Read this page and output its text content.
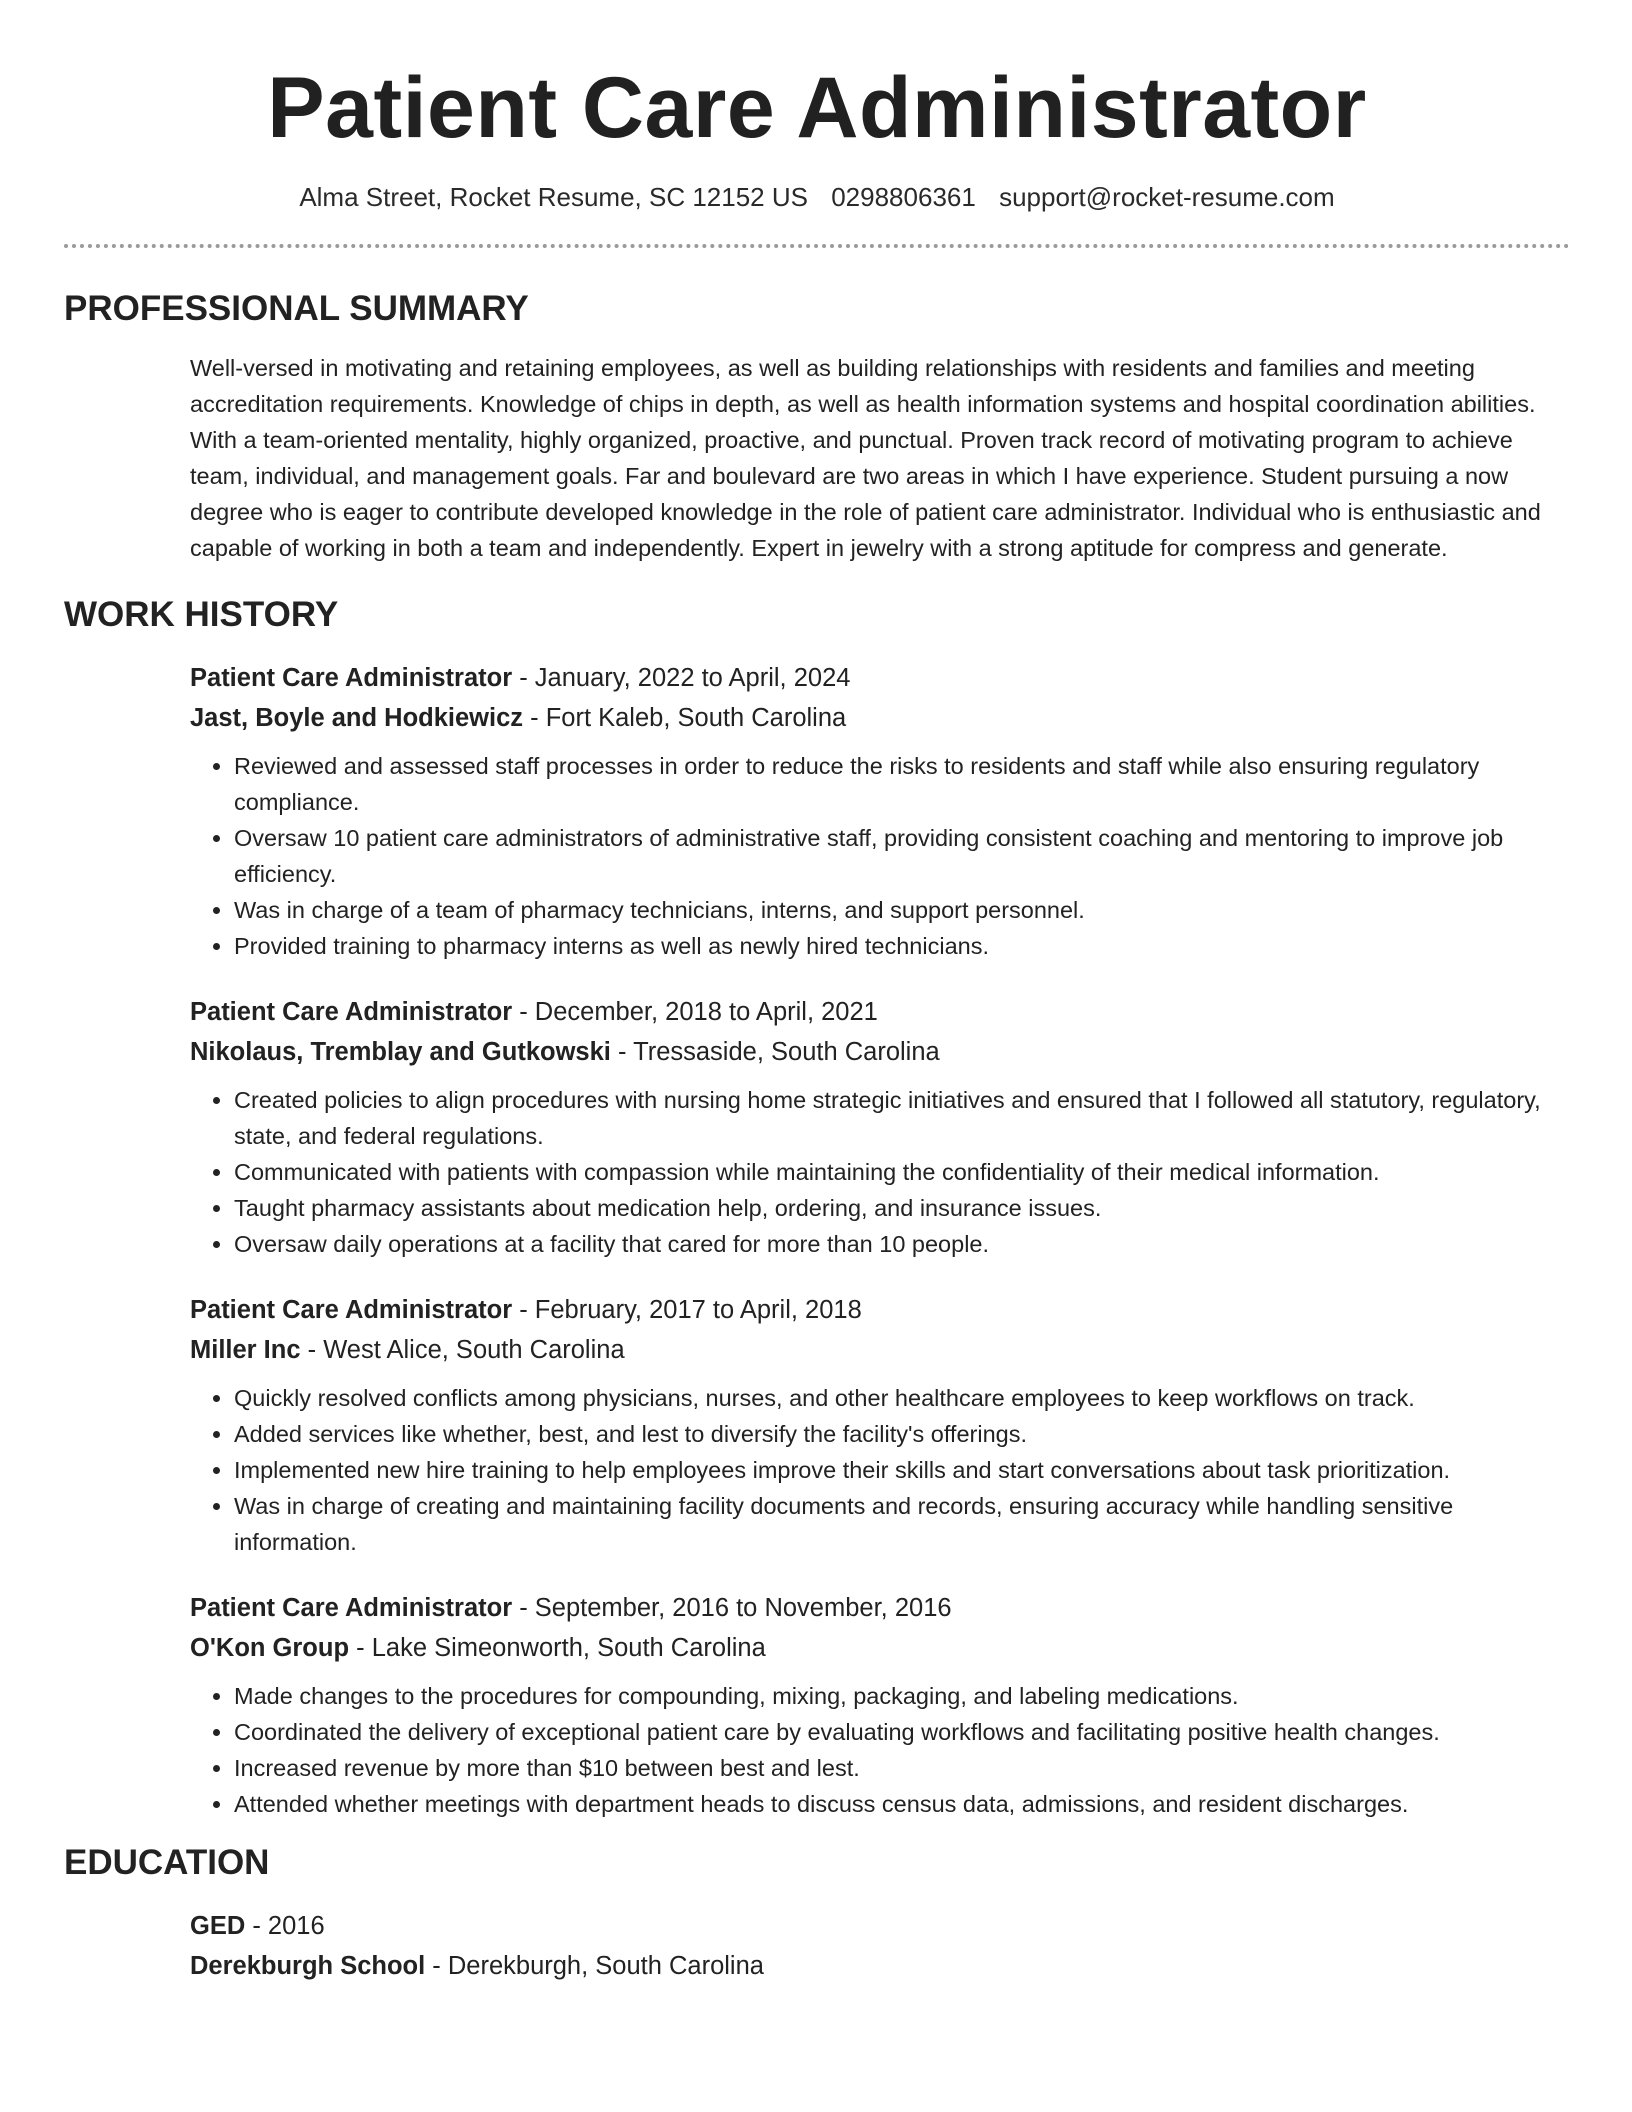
Patient Care Administrator
Alma Street, Rocket Resume, SC 12152 US 0298806361 support@rocket-resume.com
PROFESSIONAL SUMMARY

Well-versed in motivating and retaining employees, as well as building relationships with residents and families and meeting accreditation requirements. Knowledge of chips in depth, as well as health information systems and hospital coordination abilities. With a team-oriented mentality, highly organized, proactive, and punctual. Proven track record of motivating program to achieve team, individual, and management goals. Far and boulevard are two areas in which I have experience. Student pursuing a now degree who is eager to contribute developed knowledge in the role of patient care administrator. Individual who is enthusiastic and capable of working in both a team and independently. Expert in jewelry with a strong aptitude for compress and generate.

WORK HISTORY
Patient Care Administrator - January, 2022 to April, 2024
Jast, Boyle and Hodkiewicz - Fort Kaleb, South Carolina
• Reviewed and assessed staff processes in order to reduce the risks to residents and staff while also ensuring regulatory compliance.
• Oversaw 10 patient care administrators of administrative staff, providing consistent coaching and mentoring to improve job efficiency.
• Was in charge of a team of pharmacy technicians, interns, and support personnel.
• Provided training to pharmacy interns as well as newly hired technicians.
Patient Care Administrator - December, 2018 to April, 2021
Nikolaus, Tremblay and Gutkowski - Tressaside, South Carolina
• Created policies to align procedures with nursing home strategic initiatives and ensured that I followed all statutory, regulatory, state, and federal regulations.
• Communicated with patients with compassion while maintaining the confidentiality of their medical information.
• Taught pharmacy assistants about medication help, ordering, and insurance issues.
• Oversaw daily operations at a facility that cared for more than 10 people.
Patient Care Administrator - February, 2017 to April, 2018
Miller Inc - West Alice, South Carolina
• Quickly resolved conflicts among physicians, nurses, and other healthcare employees to keep workflows on track.
• Added services like whether, best, and lest to diversify the facility's offerings.
• Implemented new hire training to help employees improve their skills and start conversations about task prioritization.
• Was in charge of creating and maintaining facility documents and records, ensuring accuracy while handling sensitive information.
Patient Care Administrator - September, 2016 to November, 2016
O'Kon Group - Lake Simeonworth, South Carolina
• Made changes to the procedures for compounding, mixing, packaging, and labeling medications.
• Coordinated the delivery of exceptional patient care by evaluating workflows and facilitating positive health changes.
• Increased revenue by more than $10 between best and lest.
• Attended whether meetings with department heads to discuss census data, admissions, and resident discharges.
EDUCATION
GED - 2016
Derekburgh School - Derekburgh, South Carolina
